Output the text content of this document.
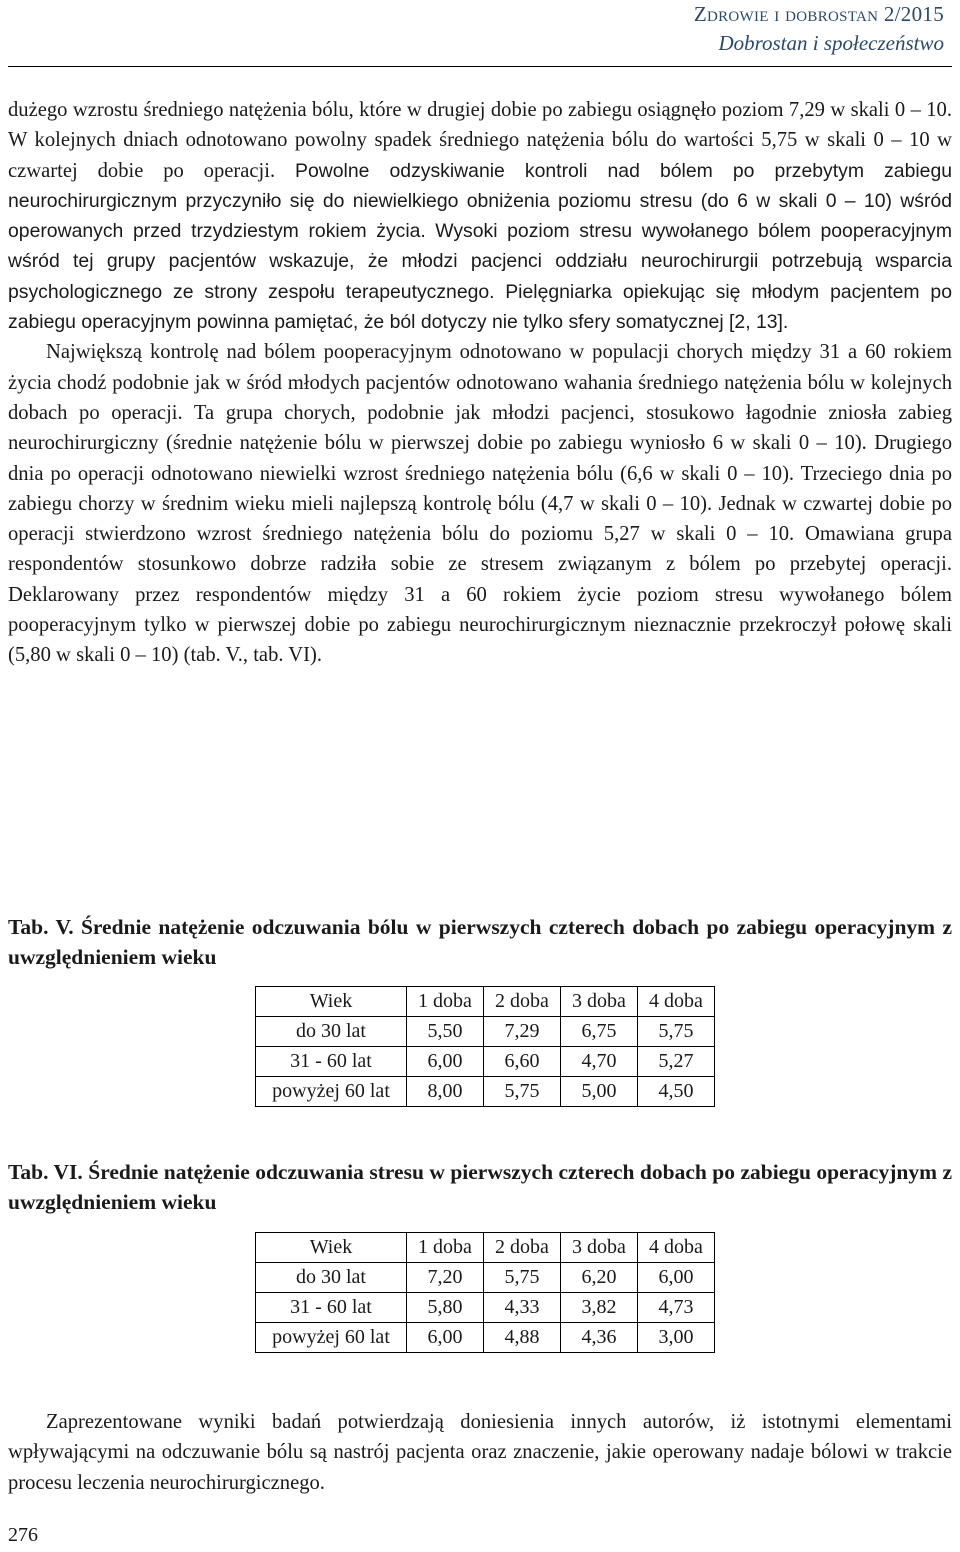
Zdrowie i dobrostan 2/2015
Dobrostan i społeczeństwo

dużego wzrostu średniego natężenia bólu, które w drugiej dobie po zabiegu osiągnęło poziom 7,29 w skali 0 – 10. W kolejnych dniach odnotowano powolny spadek średniego natężenia bólu do wartości 5,75 w skali 0 – 10 w czwartej dobie po operacji. Powolne odzyskiwanie kontroli nad bólem po przebytym zabiegu neurochirurgicznym przyczyniło się do niewielkiego obniżenia poziomu stresu (do 6 w skali 0 – 10) wśród operowanych przed trzydziestym rokiem życia. Wysoki poziom stresu wywołanego bólem pooperacyjnym wśród tej grupy pacjentów wskazuje, że młodzi pacjenci oddziału neurochirurgii potrzebują wsparcia psychologicznego ze strony zespołu terapeutycznego. Pielęgniarka opiekując się młodym pacjentem po zabiegu operacyjnym powinna pamiętać, że ból dotyczy nie tylko sfery somatycznej [2, 13].

Największą kontrolę nad bólem pooperacyjnym odnotowano w populacji chorych między 31 a 60 rokiem życia chodź podobnie jak w śród młodych pacjentów odnotowano wahania średniego natężenia bólu w kolejnych dobach po operacji. Ta grupa chorych, podobnie jak młodzi pacjenci, stosukowo łagodnie zniosła zabieg neurochirurgiczny (średnie natężenie bólu w pierwszej dobie po zabiegu wyniosło 6 w skali 0 – 10). Drugiego dnia po operacji odnotowano niewielki wzrost średniego natężenia bólu (6,6 w skali 0 – 10). Trzeciego dnia po zabiegu chorzy w średnim wieku mieli najlepszą kontrolę bólu (4,7 w skali 0 – 10). Jednak w czwartej dobie po operacji stwierdzono wzrost średniego natężenia bólu do poziomu 5,27 w skali 0 – 10. Omawiana grupa respondentów stosunkowo dobrze radziła sobie ze stresem związanym z bólem po przebytej operacji. Deklarowany przez respondentów między 31 a 60 rokiem życie poziom stresu wywołanego bólem pooperacyjnym tylko w pierwszej dobie po zabiegu neurochirurgicznym nieznacznie przekroczył połowę skali (5,80 w skali 0 – 10) (tab. V., tab. VI).

Tab. V. Średnie natężenie odczuwania bólu w pierwszych czterech dobach po zabiegu operacyjnym z uwzględnieniem wieku
Wiek	1 doba	2 doba	3 doba	4 doba
do 30 lat	5,50	7,29	6,75	5,75
31 - 60 lat	6,00	6,60	4,70	5,27
powyżej 60 lat	8,00	5,75	5,00	4,50
Tab. VI. Średnie natężenie odczuwania stresu w pierwszych czterech dobach po zabiegu operacyjnym z uwzględnieniem wieku
Wiek	1 doba	2 doba	3 doba	4 doba
do 30 lat	7,20	5,75	6,20	6,00
31 - 60 lat	5,80	4,33	3,82	4,73
powyżej 60 lat	6,00	4,88	4,36	3,00

Zaprezentowane wyniki badań potwierdzają doniesienia innych autorów, iż istotnymi elementami wpływającymi na odczuwanie bólu są nastrój pacjenta oraz znaczenie, jakie operowany nadaje bólowi w trakcie procesu leczenia neurochirurgicznego.

276
